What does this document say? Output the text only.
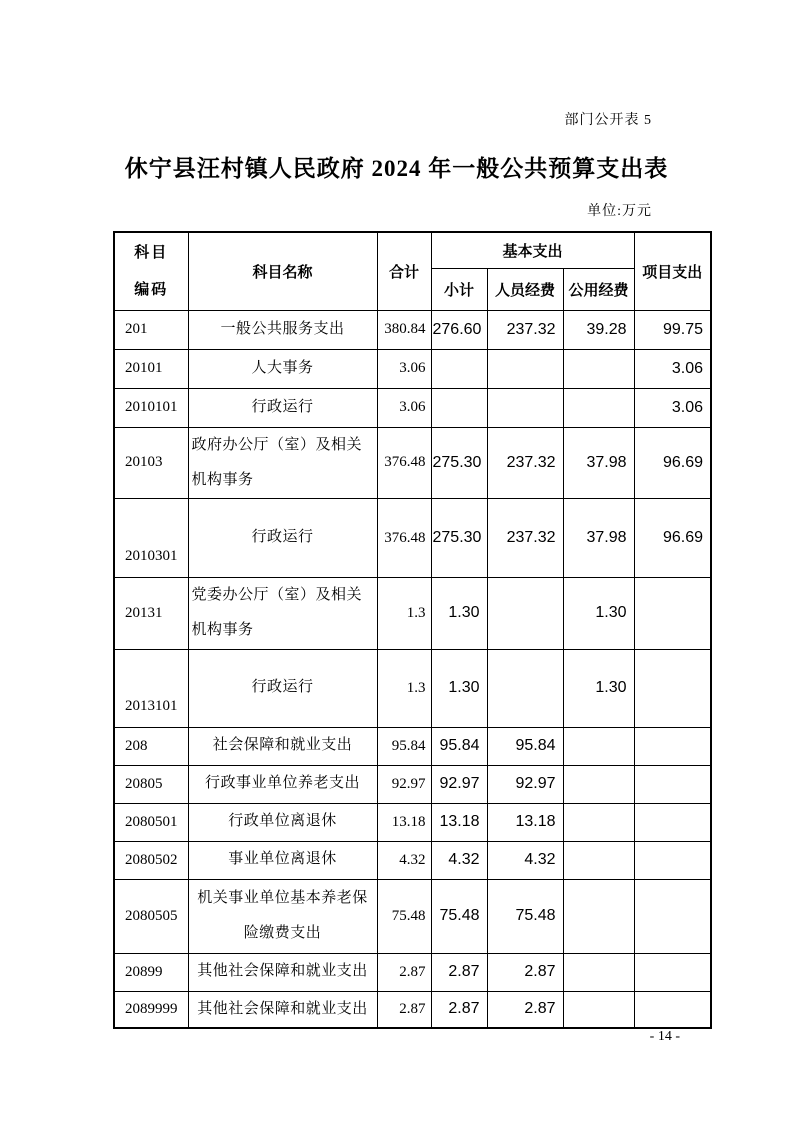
部门公开表 5
休宁县汪村镇人民政府 2024 年一般公共预算支出表
单位:万元
科目编码	科目名称	合计	基本支出			项目支出
			小计	人员经费	公用经费	
201	一般公共服务支出	380.84	276.60	237.32	39.28	99.75
20101	人大事务	3.06				3.06
2010101	行政运行	3.06				3.06
20103	政府办公厅（室）及相关机构事务	376.48	275.30	237.32	37.98	96.69
2010301	行政运行	376.48	275.30	237.32	37.98	96.69
20131	党委办公厅（室）及相关机构事务	1.3	1.30		1.30	
2013101	行政运行	1.3	1.30		1.30	
208	社会保障和就业支出	95.84	95.84	95.84		
20805	行政事业单位养老支出	92.97	92.97	92.97		
2080501	行政单位离退休	13.18	13.18	13.18		
2080502	事业单位离退休	4.32	4.32	4.32		
2080505	机关事业单位基本养老保险缴费支出	75.48	75.48	75.48		
20899	其他社会保障和就业支出	2.87	2.87	2.87		
2089999	其他社会保障和就业支出	2.87	2.87	2.87		
- 14 -
